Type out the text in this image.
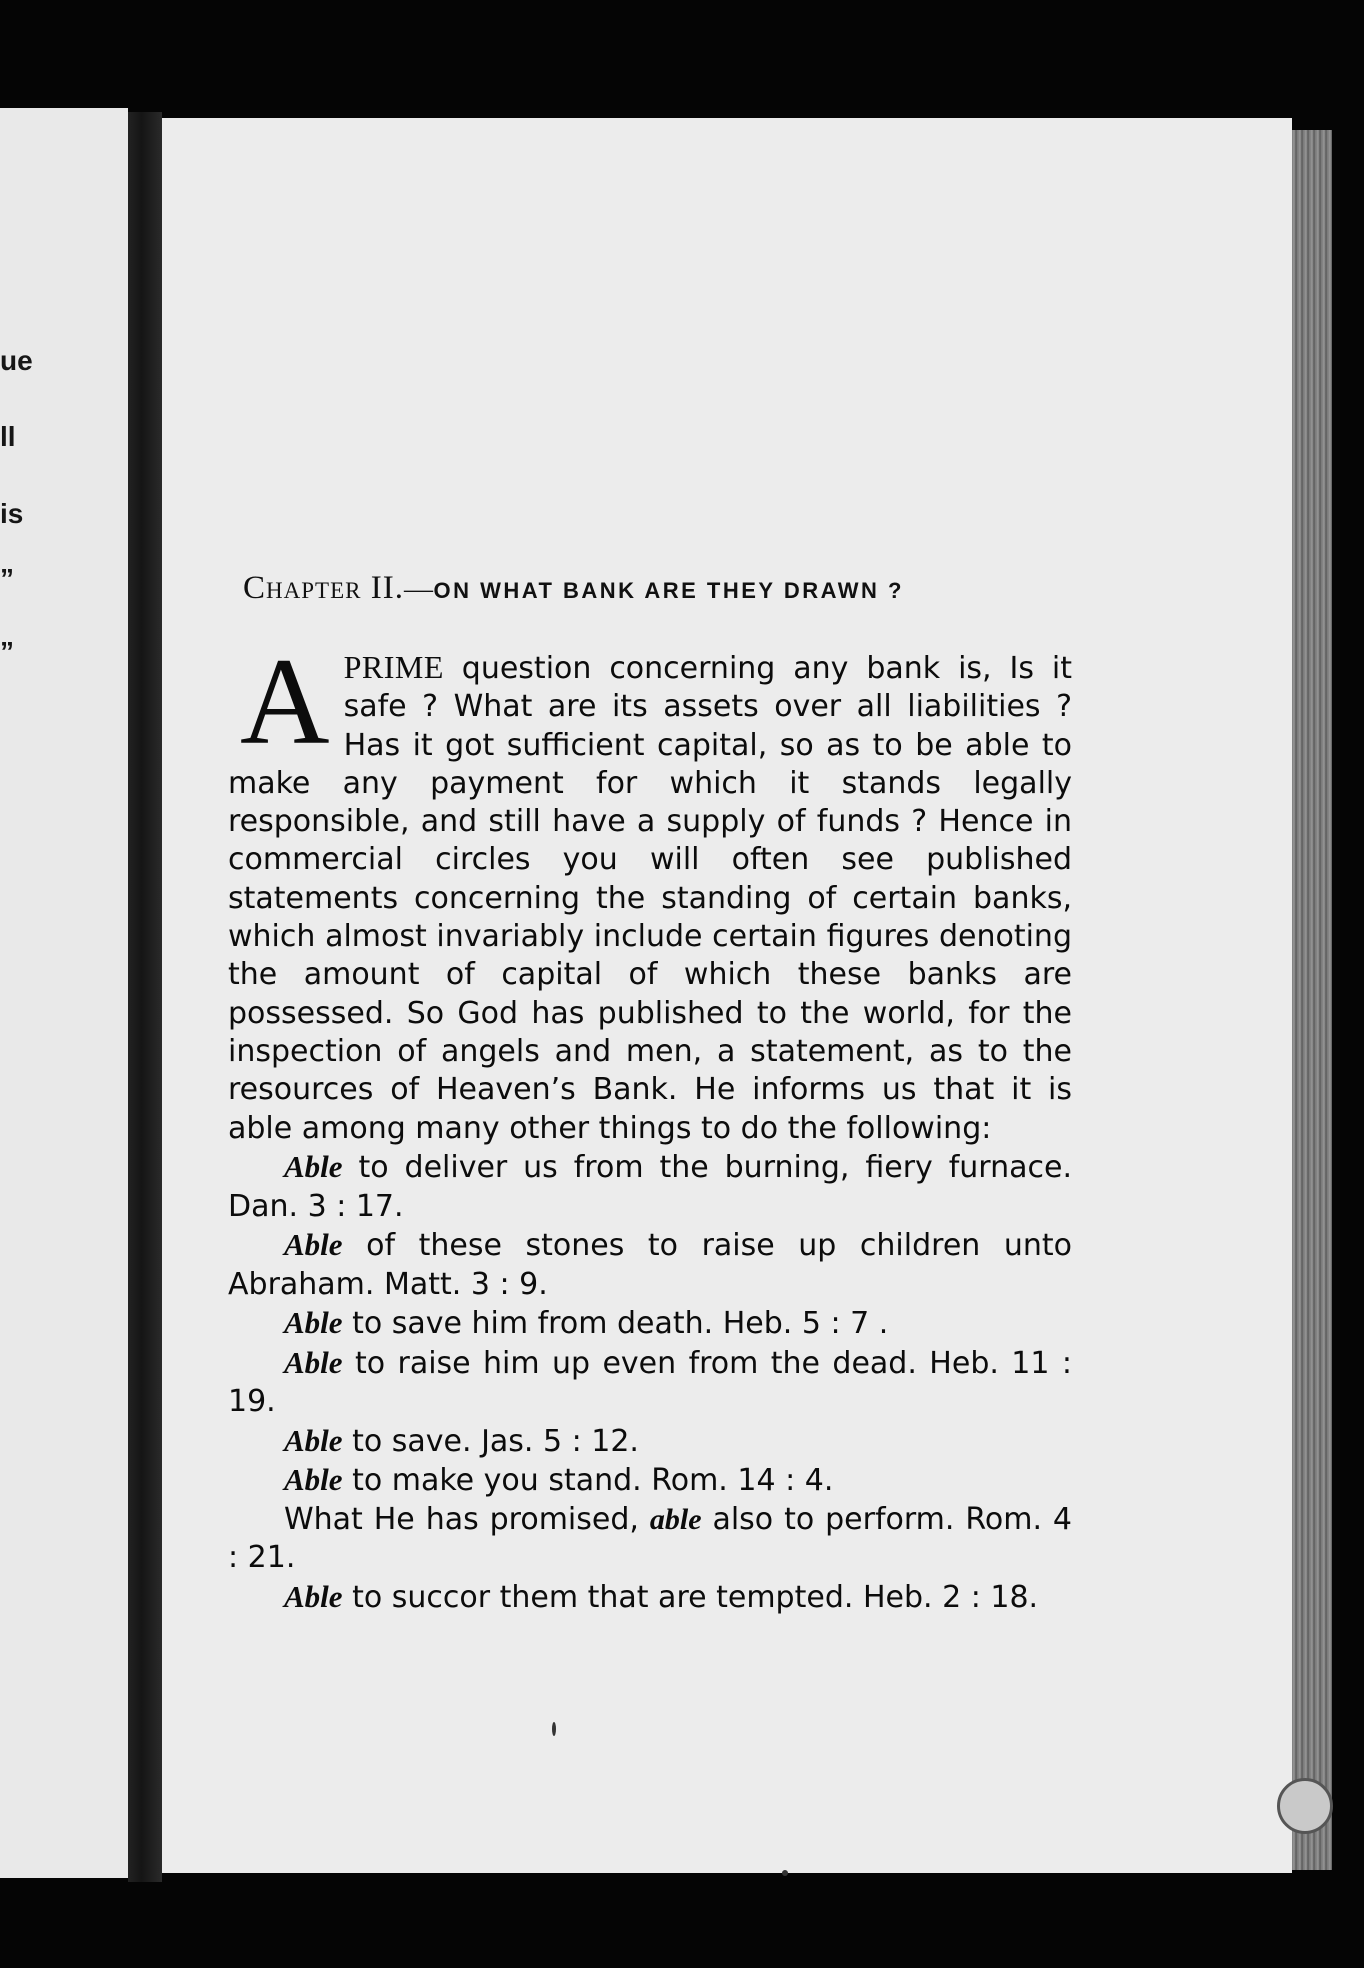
ue
ll
is
”
”
Chapter II.—ON WHAT BANK ARE THEY DRAWN ?
APRIME question concerning any bank is, Is it safe ? What are its assets over all liabilities ? Has it got sufficient capital, so as to be able to make any payment for which it stands legally responsible, and still have a supply of funds ? Hence in commercial circles you will often see published statements concerning the standing of certain banks, which almost invariably include certain figures denoting the amount of capital of which these banks are possessed. So God has published to the world, for the inspection of angels and men, a statement, as to the resources of Heaven’s Bank. He informs us that it is able among many other things to do the following:
Able to deliver us from the burning, fiery furnace. Dan. 3 : 17.
Able of these stones to raise up children unto Abraham. Matt. 3 : 9.
Able to save him from death. Heb. 5 : 7 .
Able to raise him up even from the dead. Heb. 11 : 19.
Able to save. Jas. 5 : 12.
Able to make you stand. Rom. 14 : 4.
What He has promised, able also to perform. Rom. 4 : 21.
Able to succor them that are tempted. Heb. 2 : 18.
